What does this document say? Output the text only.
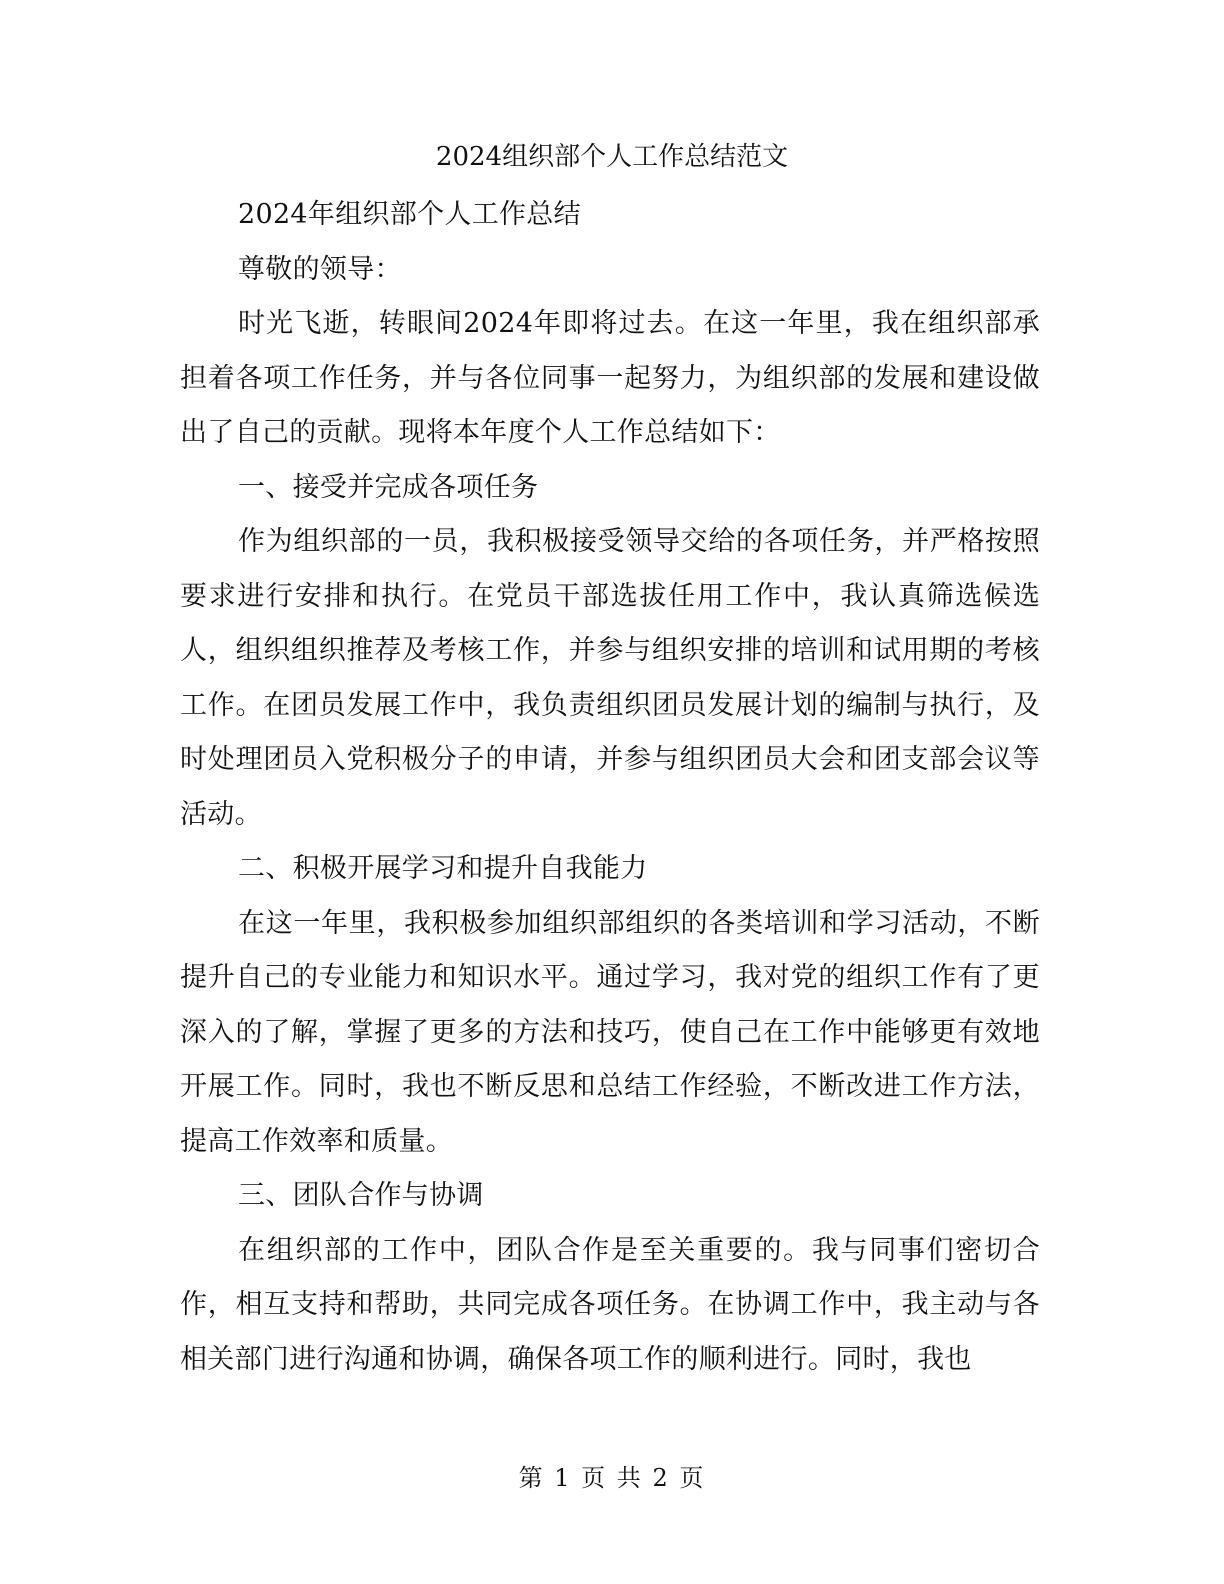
2024组织部个人工作总结范文

2024年组织部个人工作总结

尊敬的领导：

时光飞逝，转眼间2024年即将过去。在这一年里，我在组织部承担着各项工作任务，并与各位同事一起努力，为组织部的发展和建设做出了自己的贡献。现将本年度个人工作总结如下：

一、接受并完成各项任务

作为组织部的一员，我积极接受领导交给的各项任务，并严格按照要求进行安排和执行。在党员干部选拔任用工作中，我认真筛选候选人，组织组织推荐及考核工作，并参与组织安排的培训和试用期的考核工作。在团员发展工作中，我负责组织团员发展计划的编制与执行，及时处理团员入党积极分子的申请，并参与组织团员大会和团支部会议等活动。

二、积极开展学习和提升自我能力

在这一年里，我积极参加组织部组织的各类培训和学习活动，不断提升自己的专业能力和知识水平。通过学习，我对党的组织工作有了更深入的了解，掌握了更多的方法和技巧，使自己在工作中能够更有效地开展工作。同时，我也不断反思和总结工作经验，不断改进工作方法，提高工作效率和质量。

三、团队合作与协调

在组织部的工作中，团队合作是至关重要的。我与同事们密切合作，相互支持和帮助，共同完成各项任务。在协调工作中，我主动与各相关部门进行沟通和协调，确保各项工作的顺利进行。同时，我也

第 1 页 共 2 页
